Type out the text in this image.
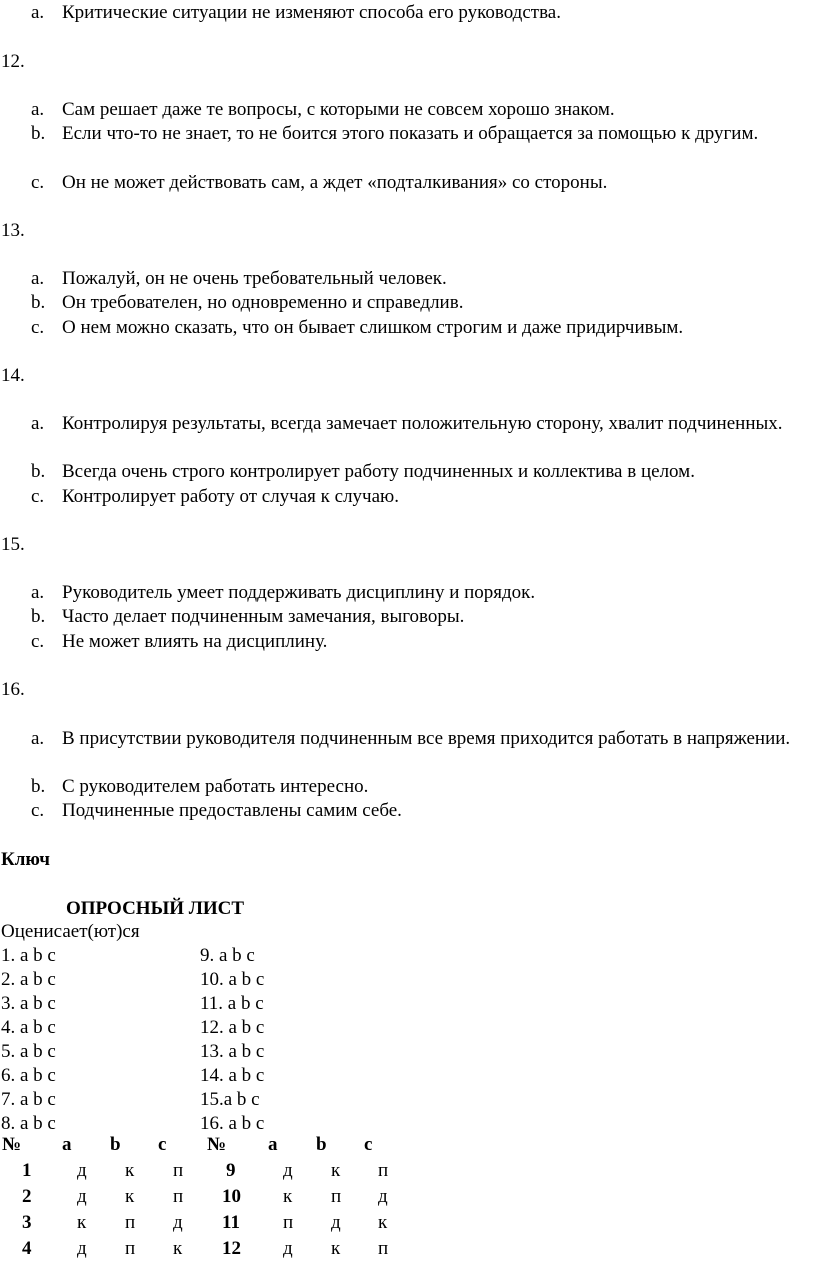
a. Критические ситуации не изменяют способа его руководства.
12.
a. Сам решает даже те вопросы, с которыми не совсем хорошо знаком.
b. Если что-то не знает, то не боится этого показать и обращается за помощью к другим.
c. Он не может действовать сам, а ждет «подталкивания» со стороны.
13.
a. Пожалуй, он не очень требовательный человек.
b. Он требователен, но одновременно и справедлив.
c. О нем можно сказать, что он бывает слишком строгим и даже придирчивым.
14.
a. Контролируя результаты, всегда замечает положительную сторону, хвалит подчиненных.
b. Всегда очень строго контролирует работу подчиненных и коллектива в целом.
c. Контролирует работу от случая к случаю.
15.
a. Руководитель умеет поддерживать дисциплину и порядок.
b. Часто делает подчиненным замечания, выговоры.
c. Не может влиять на дисциплину.
16.
a. В присутствии руководителя подчиненным все время приходится работать в напряжении.
b. С руководителем работать интересно.
c. Подчиненные предоставлены самим себе.
Ключ
ОПРОСНЫЙ ЛИСТ
Оценисает(ют)ся
1. a b c
2. a b c
3. a b c
4. a b c
5. a b c
6. a b c
7. a b c
8. a b c
9. a b c
10. a b c
11. a b c
12. a b c
13. a b c
14. a b c
15.a b c
16. a b c
№ a b c № a b c
1 д к п 9	д к п
2 д к п 10 к п д
3 к п д 11 п д к
4 д п к 12 д к п
